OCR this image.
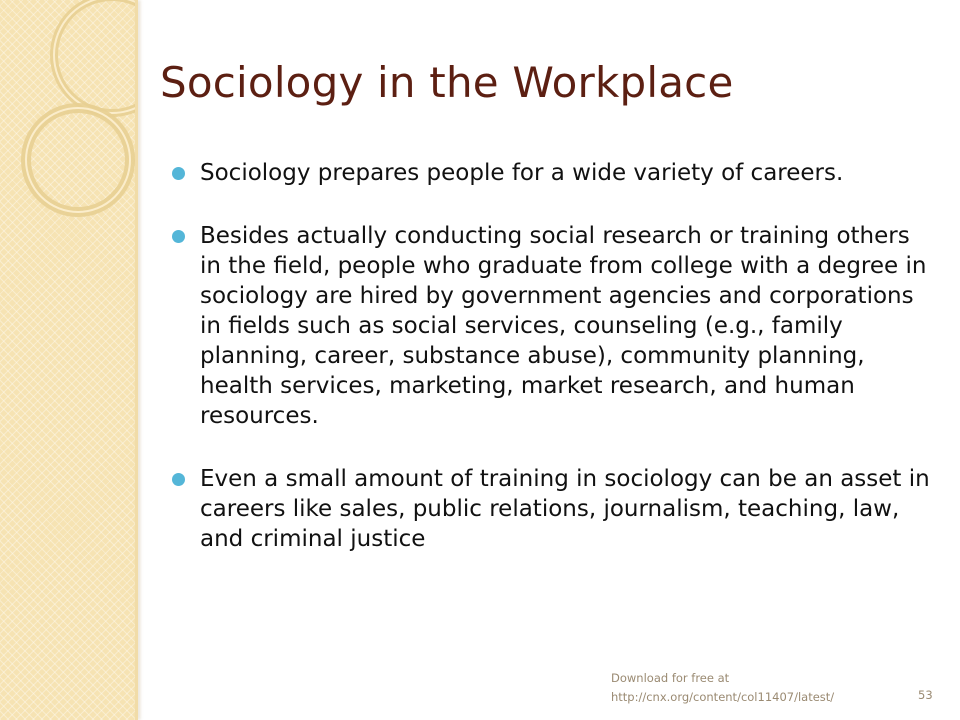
Sociology in the Workplace
Sociology prepares people for a wide variety of careers.
Besides actually conducting social research or training others in the field, people who graduate from college with a degree in sociology are hired by government agencies and corporations in fields such as social services, counseling (e.g., family planning, career, substance abuse), community planning, health services, marketing, market research, and human resources.
Even a small amount of training in sociology can be an asset in careers like sales, public relations, journalism, teaching, law, and criminal justice
Download for free at
http://cnx.org/content/col11407/latest/	53
